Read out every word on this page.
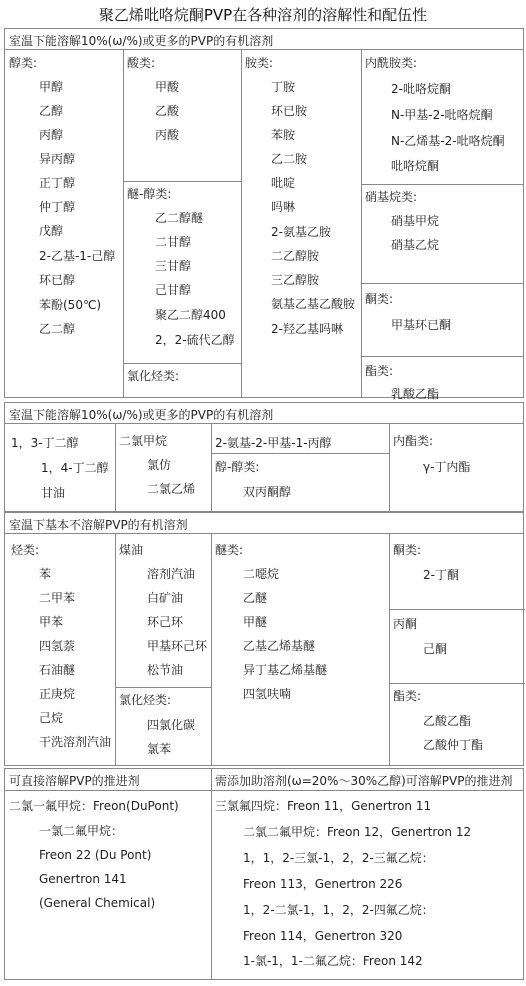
聚乙烯吡咯烷酮PVP在各种溶剂的溶解性和配伍性
室温下能溶解10%(ω/%)或更多的PVP的有机溶剂
醇类:
甲醇
乙醇
丙醇
异丙醇
正丁醇
仲丁醇
戊醇
2-乙基-1-己醇
环已醇
苯酚(50℃)
乙二醇
酸类:
甲酸
乙酸
丙酸
醚-醇类:
乙二醇醚
二甘醇
三甘醇
己甘醇
聚乙二醇400
2，2-硫代乙醇
氯化烃类:
胺类:
丁胺
环已胺
苯胺
乙二胺
吡啶
吗啉
2-氨基乙胺
二乙醇胺
三乙醇胺
氨基乙基乙酸胺
2-羟乙基吗啉
内酰胺类:
2-吡咯烷酮
N-甲基-2-吡咯烷酮
N-乙烯基-2-吡咯烷酮
吡咯烷酮
硝基烷类:
硝基甲烷
硝基乙烷
酮类:
甲基环已酮
酯类:
乳酸乙酯
室温下能溶解10%(ω/%)或更多的PVP的有机溶剂
1，3-丁二醇
1，4-丁二醇
甘油
二氯甲烷
氯仿
二氯乙烯
2-氨基-2-甲基-1-丙醇
醇-醇类:
双丙酮醇
内酯类:
γ-丁内酯
室温下基本不溶解PVP的有机溶剂
烃类:
苯
二甲苯
甲苯
四氢萘
石油醚
正庚烷
己烷
干洗溶剂汽油
煤油
溶剂汽油
白矿油
环己环
甲基环己环
松节油
氯化烃类:
四氯化碳
氯苯
醚类:
二噁烷
乙醚
甲醚
乙基乙烯基醚
异丁基乙烯基醚
四氢呋喃
酮类:
2-丁酮
丙酮
己酮
酯类:
乙酸乙酯
乙酸仲丁酯
可直接溶解PVP的推进剂	需添加助溶剂(ω=20%～30%乙醇)可溶解PVP的推进剂
二氯一氟甲烷：Freon(DuPont)
一氯二氟甲烷：
Freon 22 (Du Pont)
Genertron 141
(General Chemical)
三氯氟四烷：Freon 11，Genertron 11
二氯二氟甲烷：Freon 12，Genertron 12
1，1，2-三氯-1，2，2-三氟乙烷：
Freon 113，Genertron 226
1，2-二氯-1，1，2，2-四氟乙烷：
Freon 114，Genertron 320
1-氯-1，1-二氟乙烷：Freon 142
